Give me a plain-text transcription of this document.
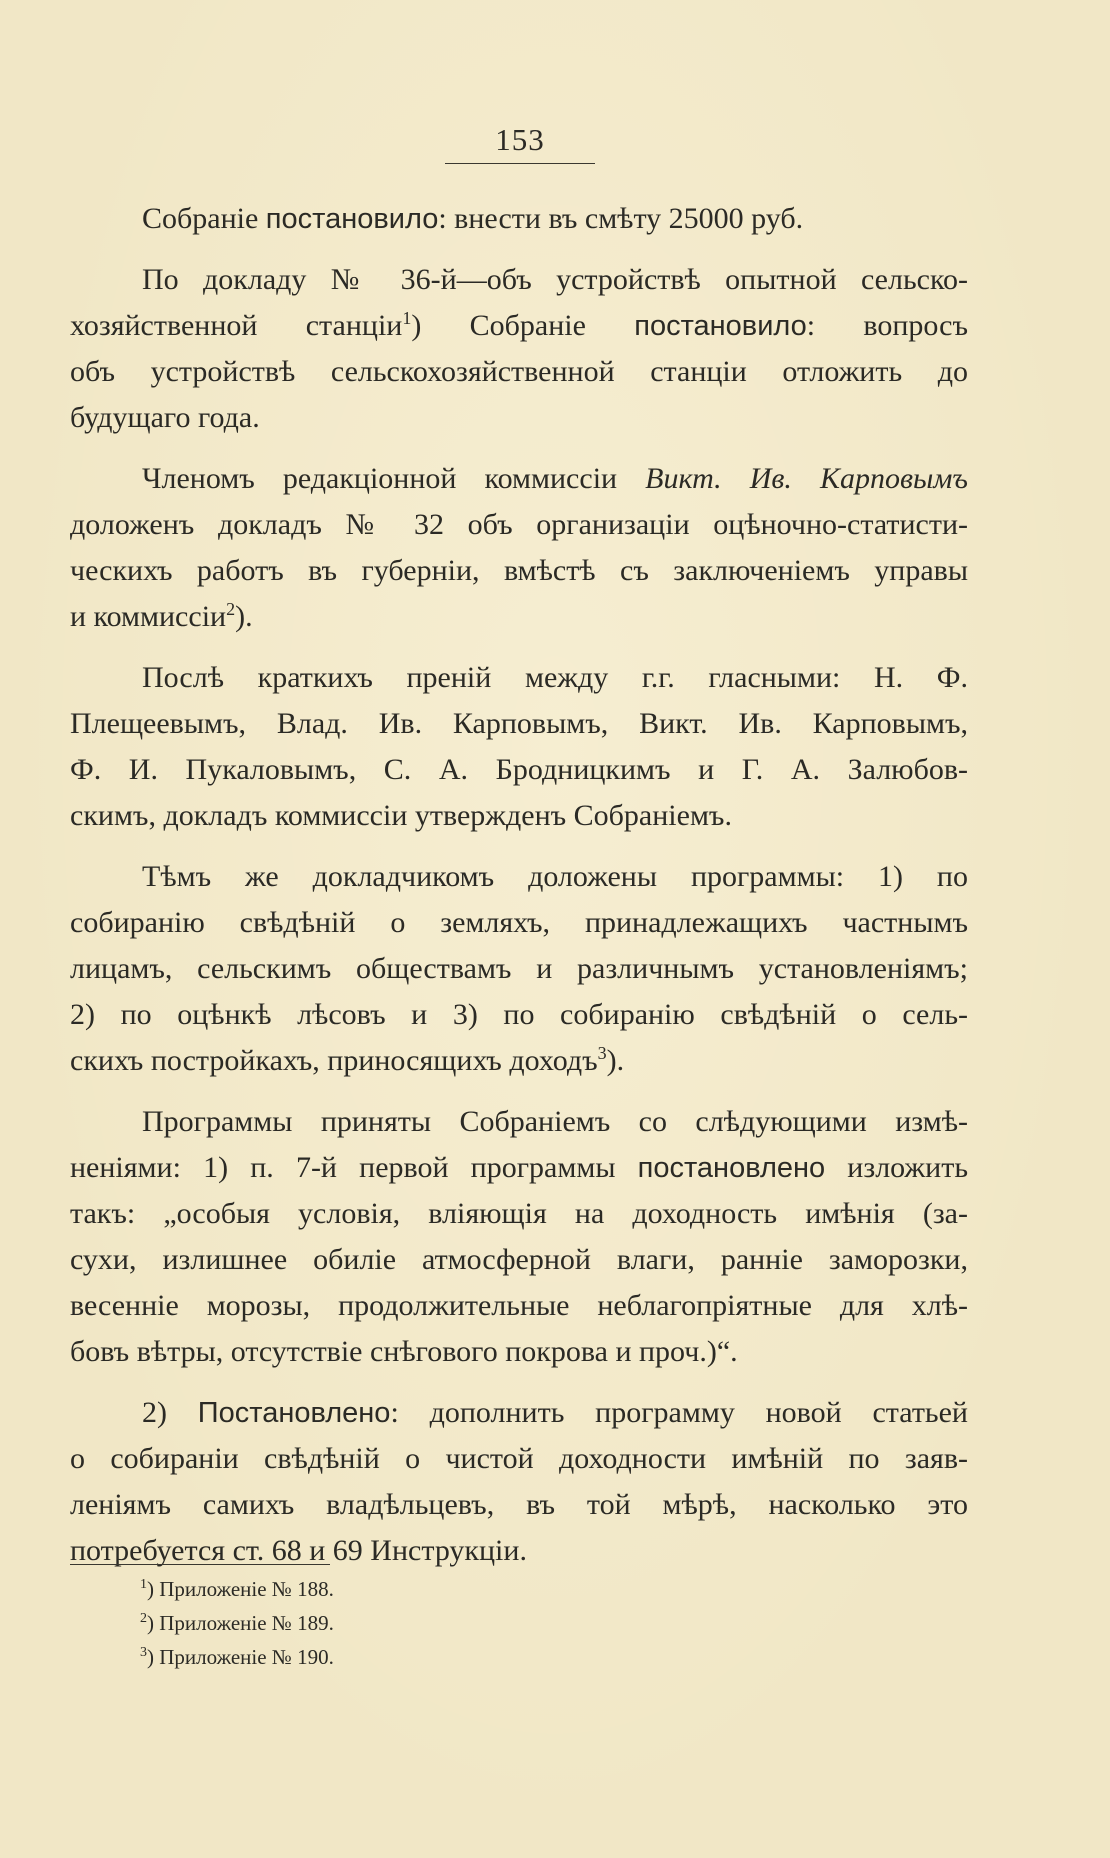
153
Собраніе постановило: внести въ смѣту 25000 руб.
По докладу № 36-й—объ устройствѣ опытной сельско-
хозяйственной станціи$^1$) Собраніе постановило: вопросъ
объ устройствѣ сельскохозяйственной станціи отложить до
будущаго года.
Членомъ редакціонной коммиссіи Викт. Ив. Карповымъ
доложенъ докладъ № 32 объ организаціи оцѣночно-статисти-
ческихъ работъ въ губерніи, вмѣстѣ съ заключеніемъ управы
и коммиссіи$^2$).
Послѣ краткихъ преній между г.г. гласными: Н. Ф.
Плещеевымъ, Влад. Ив. Карповымъ, Викт. Ив. Карповымъ,
Ф. И. Пукаловымъ, С. А. Бродницкимъ и Г. А. Залюбов-
скимъ, докладъ коммиссіи утвержденъ Собраніемъ.
Тѣмъ же докладчикомъ доложены программы: 1) по
собиранію свѣдѣній о земляхъ, принадлежащихъ частнымъ
лицамъ, сельскимъ обществамъ и различнымъ установленіямъ;
2) по оцѣнкѣ лѣсовъ и 3) по собиранію свѣдѣній о сель-
скихъ постройкахъ, приносящихъ доходъ$^3$).
Программы приняты Собраніемъ со слѣдующими измѣ-
неніями: 1) п. 7-й первой программы постановлено изложить
такъ: „особыя условія, вліяющія на доходность имѣнія (за-
сухи, излишнее обиліе атмосферной влаги, ранніе заморозки,
весенніе морозы, продолжительные неблагопріятные для хлѣ-
бовъ вѣтры, отсутствіе снѣгового покрова и проч.)“.
2) Постановлено: дополнить программу новой статьей
о собираніи свѣдѣній о чистой доходности имѣній по заяв-
леніямъ самихъ владѣльцевъ, въ той мѣрѣ, насколько это
потребуется ст. 68 и 69 Инструкціи.
$^1$) Приложеніе № 188.
$^2$) Приложеніе № 189.
$^3$) Приложеніе № 190.
